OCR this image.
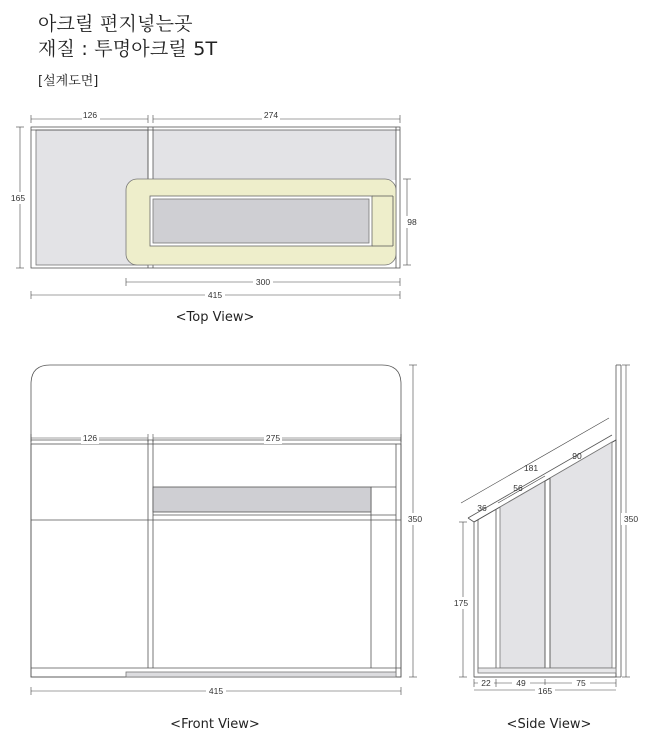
아크릴 편지넣는곳
재질 : 투명아크릴 5T
[설계도면]
126	274
165
98
300
415
126	275
350
415
36
56
181
90
175
350
22	49	75
165
<Top View>
<Front View>	<Side View>
